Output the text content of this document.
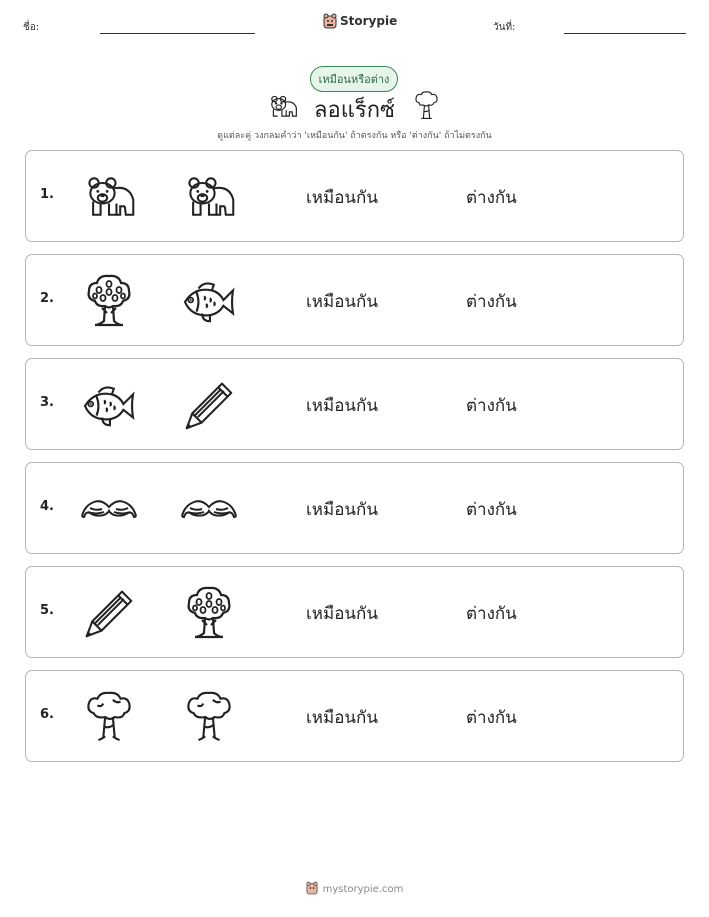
ชื่อ:	Storypie	วันที่:
เหมือนหรือต่าง
ลอแร็กซ์
ดูแต่ละคู่ วงกลมคำว่า 'เหมือนกัน' ถ้าตรงกัน หรือ 'ต่างกัน' ถ้าไม่ตรงกัน
1.	เหมือนกัน	ต่างกัน
2.	เหมือนกัน	ต่างกัน
3.	เหมือนกัน	ต่างกัน
4.	เหมือนกัน	ต่างกัน
5.	เหมือนกัน	ต่างกัน
6.	เหมือนกัน	ต่างกัน
mystorypie.com
